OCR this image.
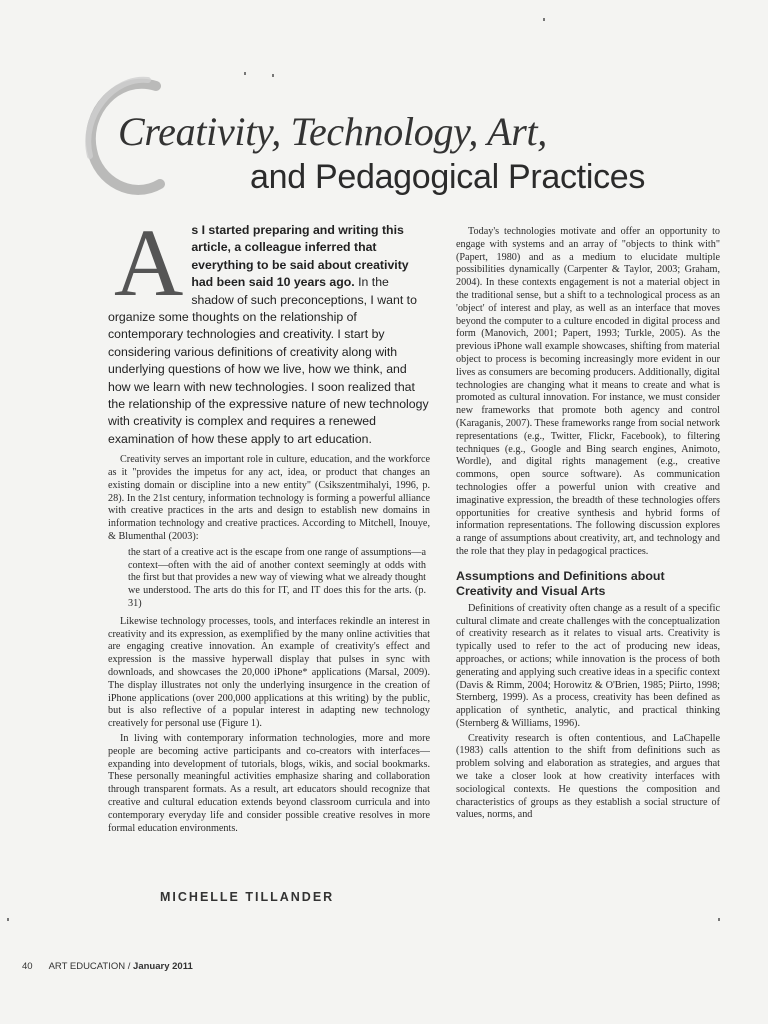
Creativity, Technology, Art,
and Pedagogical Practices

As I started preparing and writing this article, a colleague inferred that everything to be said about creativity had been said 10 years ago. In the shadow of such preconceptions, I want to organize some thoughts on the relationship of contemporary technologies and creativity. I start by considering various definitions of creativity along with underlying questions of how we live, how we think, and how we learn with new technologies. I soon realized that the relationship of the expressive nature of new technology with creativity is complex and requires a renewed examination of how these apply to art education.

Creativity serves an important role in culture, education, and the workforce as it "provides the impetus for any act, idea, or product that changes an existing domain or discipline into a new entity" (Csikszentmihalyi, 1996, p. 28). In the 21st century, information technology is forming a powerful alliance with creative practices in the arts and design to establish new domains in information technology and creative practices. According to Mitchell, Inouye, & Blumenthal (2003):

the start of a creative act is the escape from one range of assumptions—a context—often with the aid of another context seemingly at odds with the first but that provides a new way of viewing what we already thought we understood. The arts do this for IT, and IT does this for the arts. (p. 31)

Likewise technology processes, tools, and interfaces rekindle an interest in creativity and its expression, as exemplified by the many online activities that are engaging creative innovation. An example of creativity's effect and expression is the massive hyperwall display that pulses in sync with downloads, and showcases the 20,000 iPhone* applications (Marsal, 2009). The display illustrates not only the underlying insurgence in the creation of iPhone applications (over 200,000 applications at this writing) by the public, but is also reflective of a popular interest in adapting new technology creatively for personal use (Figure 1).

In living with contemporary information technologies, more and more people are becoming active participants and co-creators with interfaces—expanding into development of tutorials, blogs, wikis, and social bookmarks. These personally meaningful activities emphasize sharing and collaboration through transparent formats. As a result, art educators should recognize that creative and cultural education extends beyond classroom curricula and into contemporary everyday life and consider possible creative resolves in more formal education environments.

Today's technologies motivate and offer an opportunity to engage with systems and an array of "objects to think with" (Papert, 1980) and as a medium to elucidate multiple possibilities dynamically (Carpenter & Taylor, 2003; Graham, 2004). In these contexts engagement is not a material object in the traditional sense, but a shift to a technological process as an 'object' of interest and play, as well as an interface that moves beyond the computer to a culture encoded in digital process and form (Manovich, 2001; Papert, 1993; Turkle, 2005). As the previous iPhone wall example showcases, shifting from material object to process is becoming increasingly more evident in our lives as consumers are becoming producers. Additionally, digital technologies are changing what it means to create and what is promoted as cultural innovation. For instance, we must consider new frameworks that promote both agency and control (Karaganis, 2007). These frameworks range from social network representations (e.g., Twitter, Flickr, Facebook), to filtering techniques (e.g., Google and Bing search engines, Animoto, Wordle), and digital rights management (e.g., creative commons, open source software). As communication technologies offer a powerful union with creative and imaginative expression, the breadth of these technologies offers opportunities for creative synthesis and hybrid forms of information representations. The following discussion explores a range of assumptions about creativity, art, and technology and the role that they play in pedagogical practices.

Assumptions and Definitions about Creativity and Visual Arts

Definitions of creativity often change as a result of a specific cultural climate and create challenges with the conceptualization of creativity research as it relates to visual arts. Creativity is typically used to refer to the act of producing new ideas, approaches, or actions; while innovation is the process of both generating and applying such creative ideas in a specific context (Davis & Rimm, 2004; Horowitz & O'Brien, 1985; Piirto, 1998; Sternberg, 1999). As a process, creativity has been defined as application of synthetic, analytic, and practical thinking (Sternberg & Williams, 1996).

Creativity research is often contentious, and LaChapelle (1983) calls attention to the shift from definitions such as problem solving and elaboration as strategies, and argues that we take a closer look at how creativity interfaces with sociological contexts. He questions the composition and characteristics of groups as they establish a social structure of values, norms, and

MICHELLE TILLANDER
40 ART EDUCATION / January 2011
